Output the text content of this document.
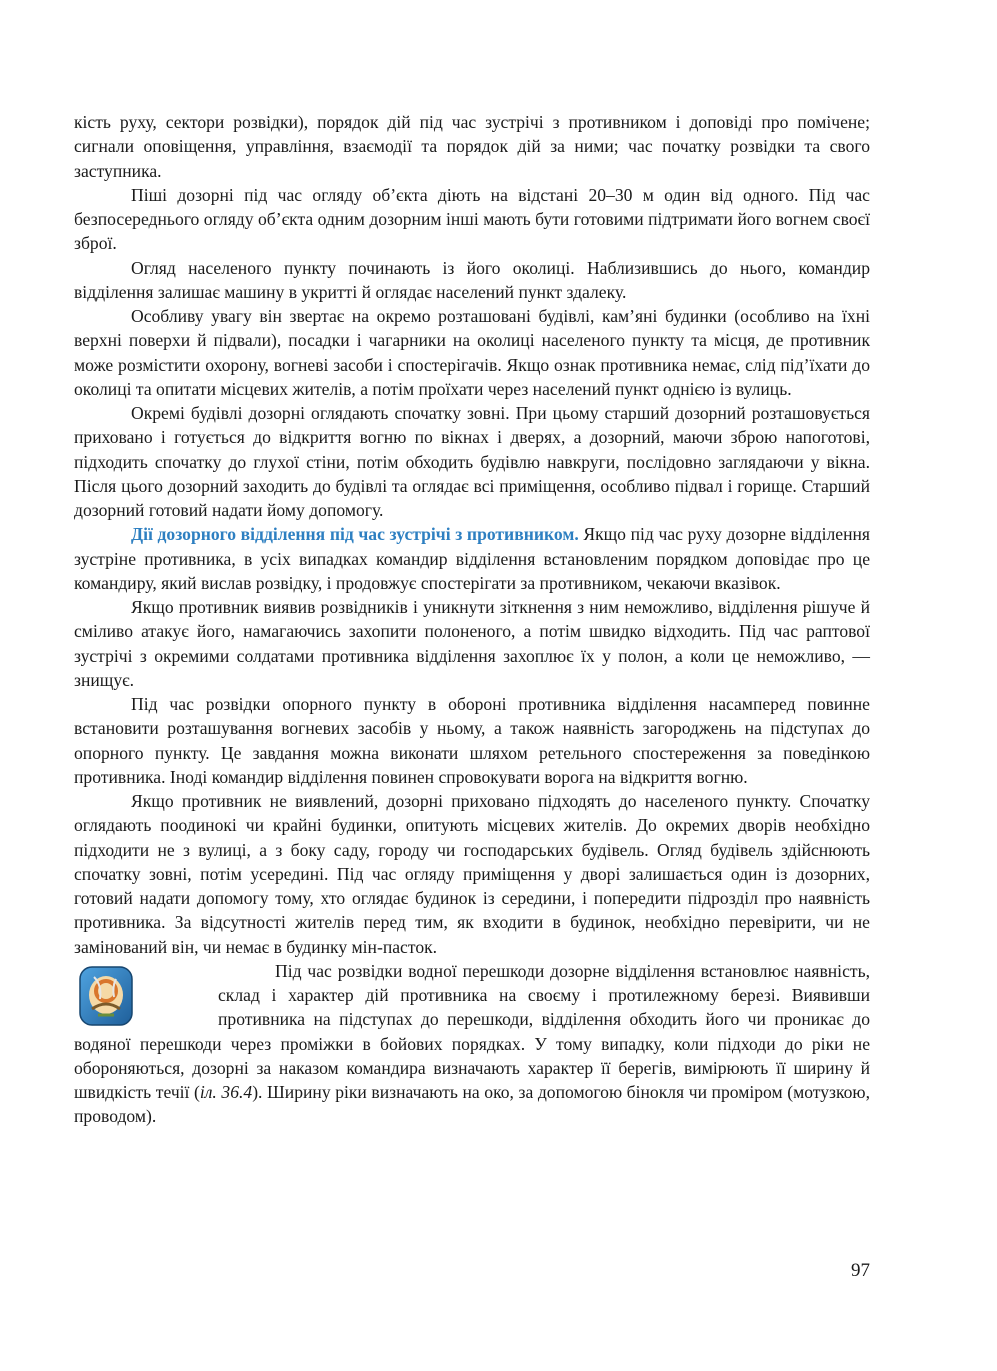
кість руху, сектори розвідки), порядок дій під час зустрічі з противником і доповіді про помічене; сигнали оповіщення, управління, взаємодії та порядок дій за ними; час початку розвідки та свого заступника.

Піші дозорні під час огляду об’єкта діють на відстані 20–30 м один від одного. Під час безпосереднього огляду об’єкта одним дозорним інші мають бути готовими підтримати його вогнем своєї зброї.

Огляд населеного пункту починають із його околиці. Наблизившись до нього, командир відділення залишає машину в укритті й оглядає населений пункт здалеку.

Особливу увагу він звертає на окремо розташовані будівлі, кам’яні будинки (особливо на їхні верхні поверхи й підвали), посадки і чагарники на околиці населеного пункту та місця, де противник може розмістити охорону, вогневі засоби і спостерігачів. Якщо ознак противника немає, слід під’їхати до околиці та опитати місцевих жителів, а потім проїхати через населений пункт однією із вулиць.

Окремі будівлі дозорні оглядають спочатку зовні. При цьому старший дозорний розташовується приховано і готується до відкриття вогню по вікнах і дверях, а дозорний, маючи зброю напоготові, підходить спочатку до глухої стіни, потім обходить будівлю навкруги, послідовно заглядаючи у вікна. Після цього дозорний заходить до будівлі та оглядає всі приміщення, особливо підвал і горище. Старший дозорний готовий надати йому допомогу.

Дії дозорного відділення під час зустрічі з противником. Якщо під час руху дозорне відділення зустріне противника, в усіх випадках командир відділення встановленим порядком доповідає про це командиру, який вислав розвідку, і продовжує спостерігати за противником, чекаючи вказівок.

Якщо противник виявив розвідників і уникнути зіткнення з ним неможливо, відділення рішуче й сміливо атакує його, намагаючись захопити полоненого, а потім швидко відходить. Під час раптової зустрічі з окремими солдатами противника відділення захоплює їх у полон, а коли це неможливо, — знищує.

Під час розвідки опорного пункту в обороні противника відділення насамперед повинне встановити розташування вогневих засобів у ньому, а також наявність загороджень на підступах до опорного пункту. Це завдання можна виконати шляхом ретельного спостереження за поведінкою противника. Іноді командир відділення повинен спровокувати ворога на відкриття вогню.

Якщо противник не виявлений, дозорні приховано підходять до населеного пункту. Спочатку оглядають поодинокі чи крайні будинки, опитують місцевих жителів. До окремих дворів необхідно підходити не з вулиці, а з боку саду, городу чи господарських будівель. Огляд будівель здійснюють спочатку зовні, потім усередині. Під час огляду приміщення у дворі залишається один із дозорних, готовий надати допомогу тому, хто оглядає будинок із середини, і попередити підрозділ про наявність противника. За відсутності жителів перед тим, як входити в будинок, необхідно перевірити, чи не замінований він, чи немає в будинку мін-пасток.

Під час розвідки водної перешкоди дозорне відділення встановлює наявність, склад і характер дій противника на своєму і протилежному березі. Виявивши противника на підступах до перешкоди, відділення обходить його чи проникає до водяної перешкоди через проміжки в бойових порядках. У тому випадку, коли підходи до ріки не обороняються, дозорні за наказом командира визначають характер її берегів, вимірюють її ширину й швидкість течії (іл. 36.4). Ширину ріки визначають на око, за допомогою бінокля чи проміром (мотузкою, проводом).

97
